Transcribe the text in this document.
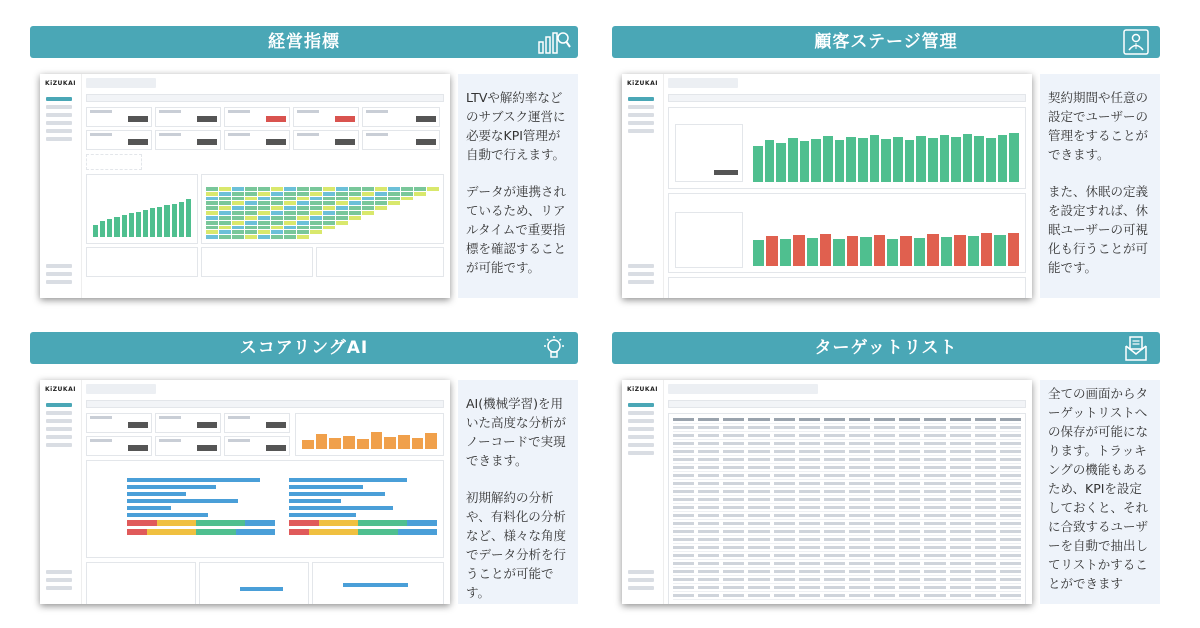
経営指標
KiZUKAI

LTVや解約率などのサブスク運営に必要なKPI管理が自動で行えます。

データが連携されているため、リアルタイムで重要指標を確認することが可能です。

顧客ステージ管理
KiZUKAI

契約期間や任意の設定でユーザーの管理をすることができます。

また、休眠の定義を設定すれば、休眠ユーザーの可視化も行うことが可能です。

スコアリングAI
KiZUKAI

AI(機械学習)を用いた高度な分析がノーコードで実現できます。

初期解約の分析や、有料化の分析など、様々な角度でデータ分析を行うことが可能です。

ターゲットリスト
KiZUKAI	全ての画面からターゲットリストへの保存が可能になります。トラッキングの機能もあるため、KPIを設定しておくと、それに合致するユーザーを自動で抽出してリストかすることができます
